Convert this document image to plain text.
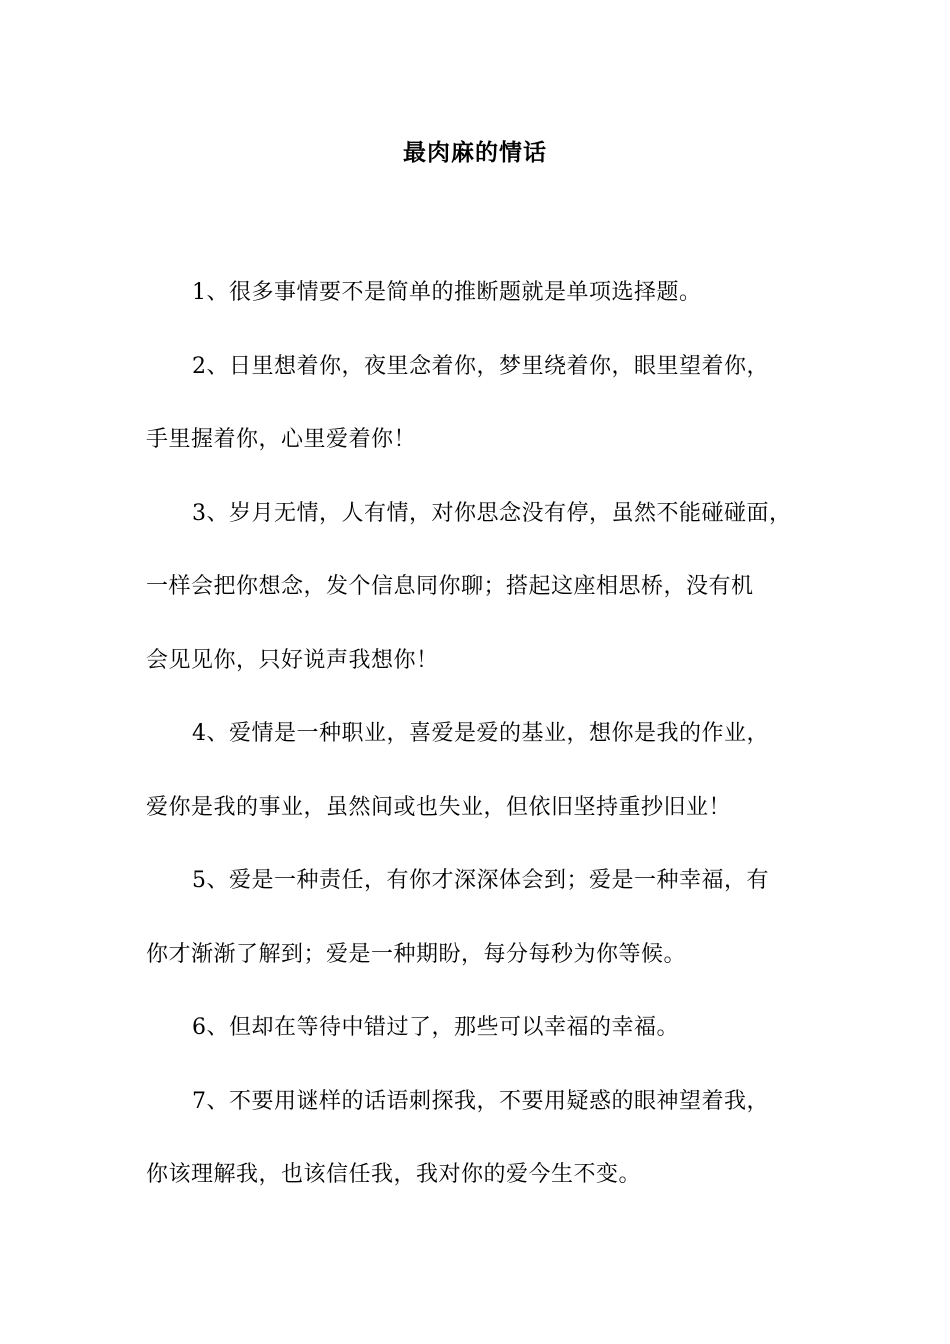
最肉麻的情话

1、很多事情要不是简单的推断题就是单项选择题。

2、日里想着你，夜里念着你，梦里绕着你，眼里望着你，
手里握着你，心里爱着你！

3、岁月无情，人有情，对你思念没有停，虽然不能碰碰面，
一样会把你想念，发个信息同你聊；搭起这座相思桥，没有机
会见见你，只好说声我想你！

4、爱情是一种职业，喜爱是爱的基业，想你是我的作业，
爱你是我的事业，虽然间或也失业，但依旧坚持重抄旧业！

5、爱是一种责任，有你才深深体会到；爱是一种幸福，有
你才渐渐了解到；爱是一种期盼，每分每秒为你等候。

6、但却在等待中错过了，那些可以幸福的幸福。

7、不要用谜样的话语刺探我，不要用疑惑的眼神望着我，
你该理解我，也该信任我，我对你的爱今生不变。
